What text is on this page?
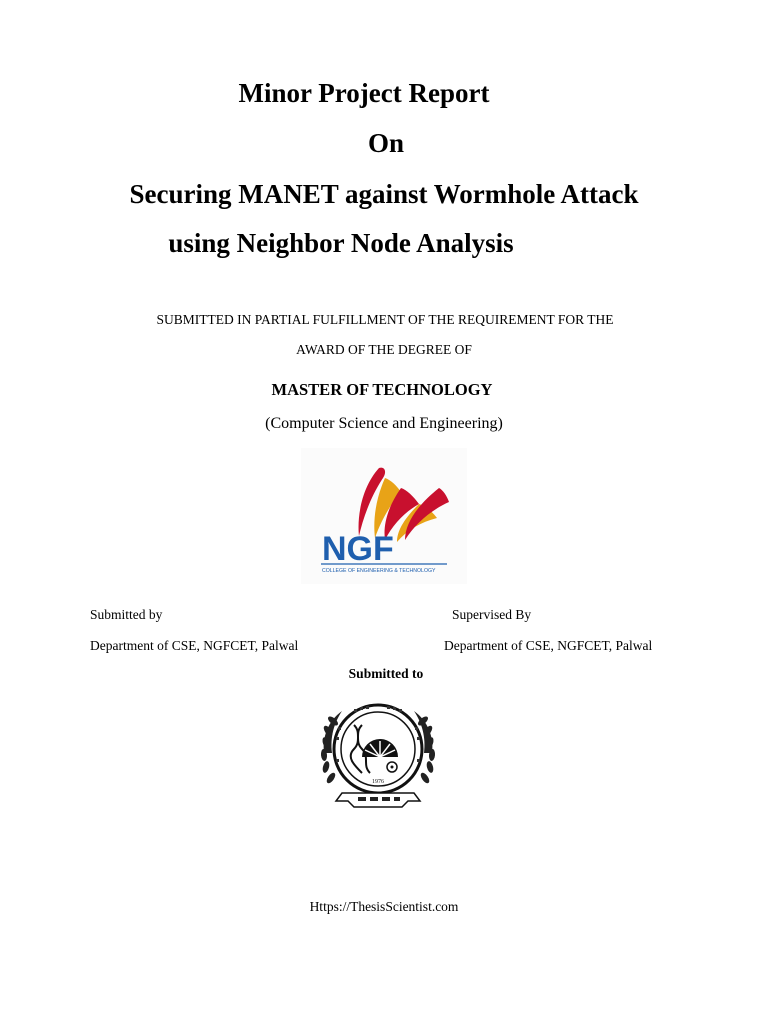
Minor Project Report
On
Securing MANET against Wormhole Attack
using Neighbor Node Analysis
SUBMITTED IN PARTIAL FULFILLMENT OF THE REQUIREMENT FOR THE
AWARD OF THE DEGREE OF
MASTER OF TECHNOLOGY
(Computer Science and Engineering)
NGF
COLLEGE OF ENGINEERING & TECHNOLOGY
Submitted by	Supervised By
Department of CSE, NGFCET, Palwal	Department of CSE, NGFCET, Palwal
Submitted to
1976
Https://ThesisScientist.com
